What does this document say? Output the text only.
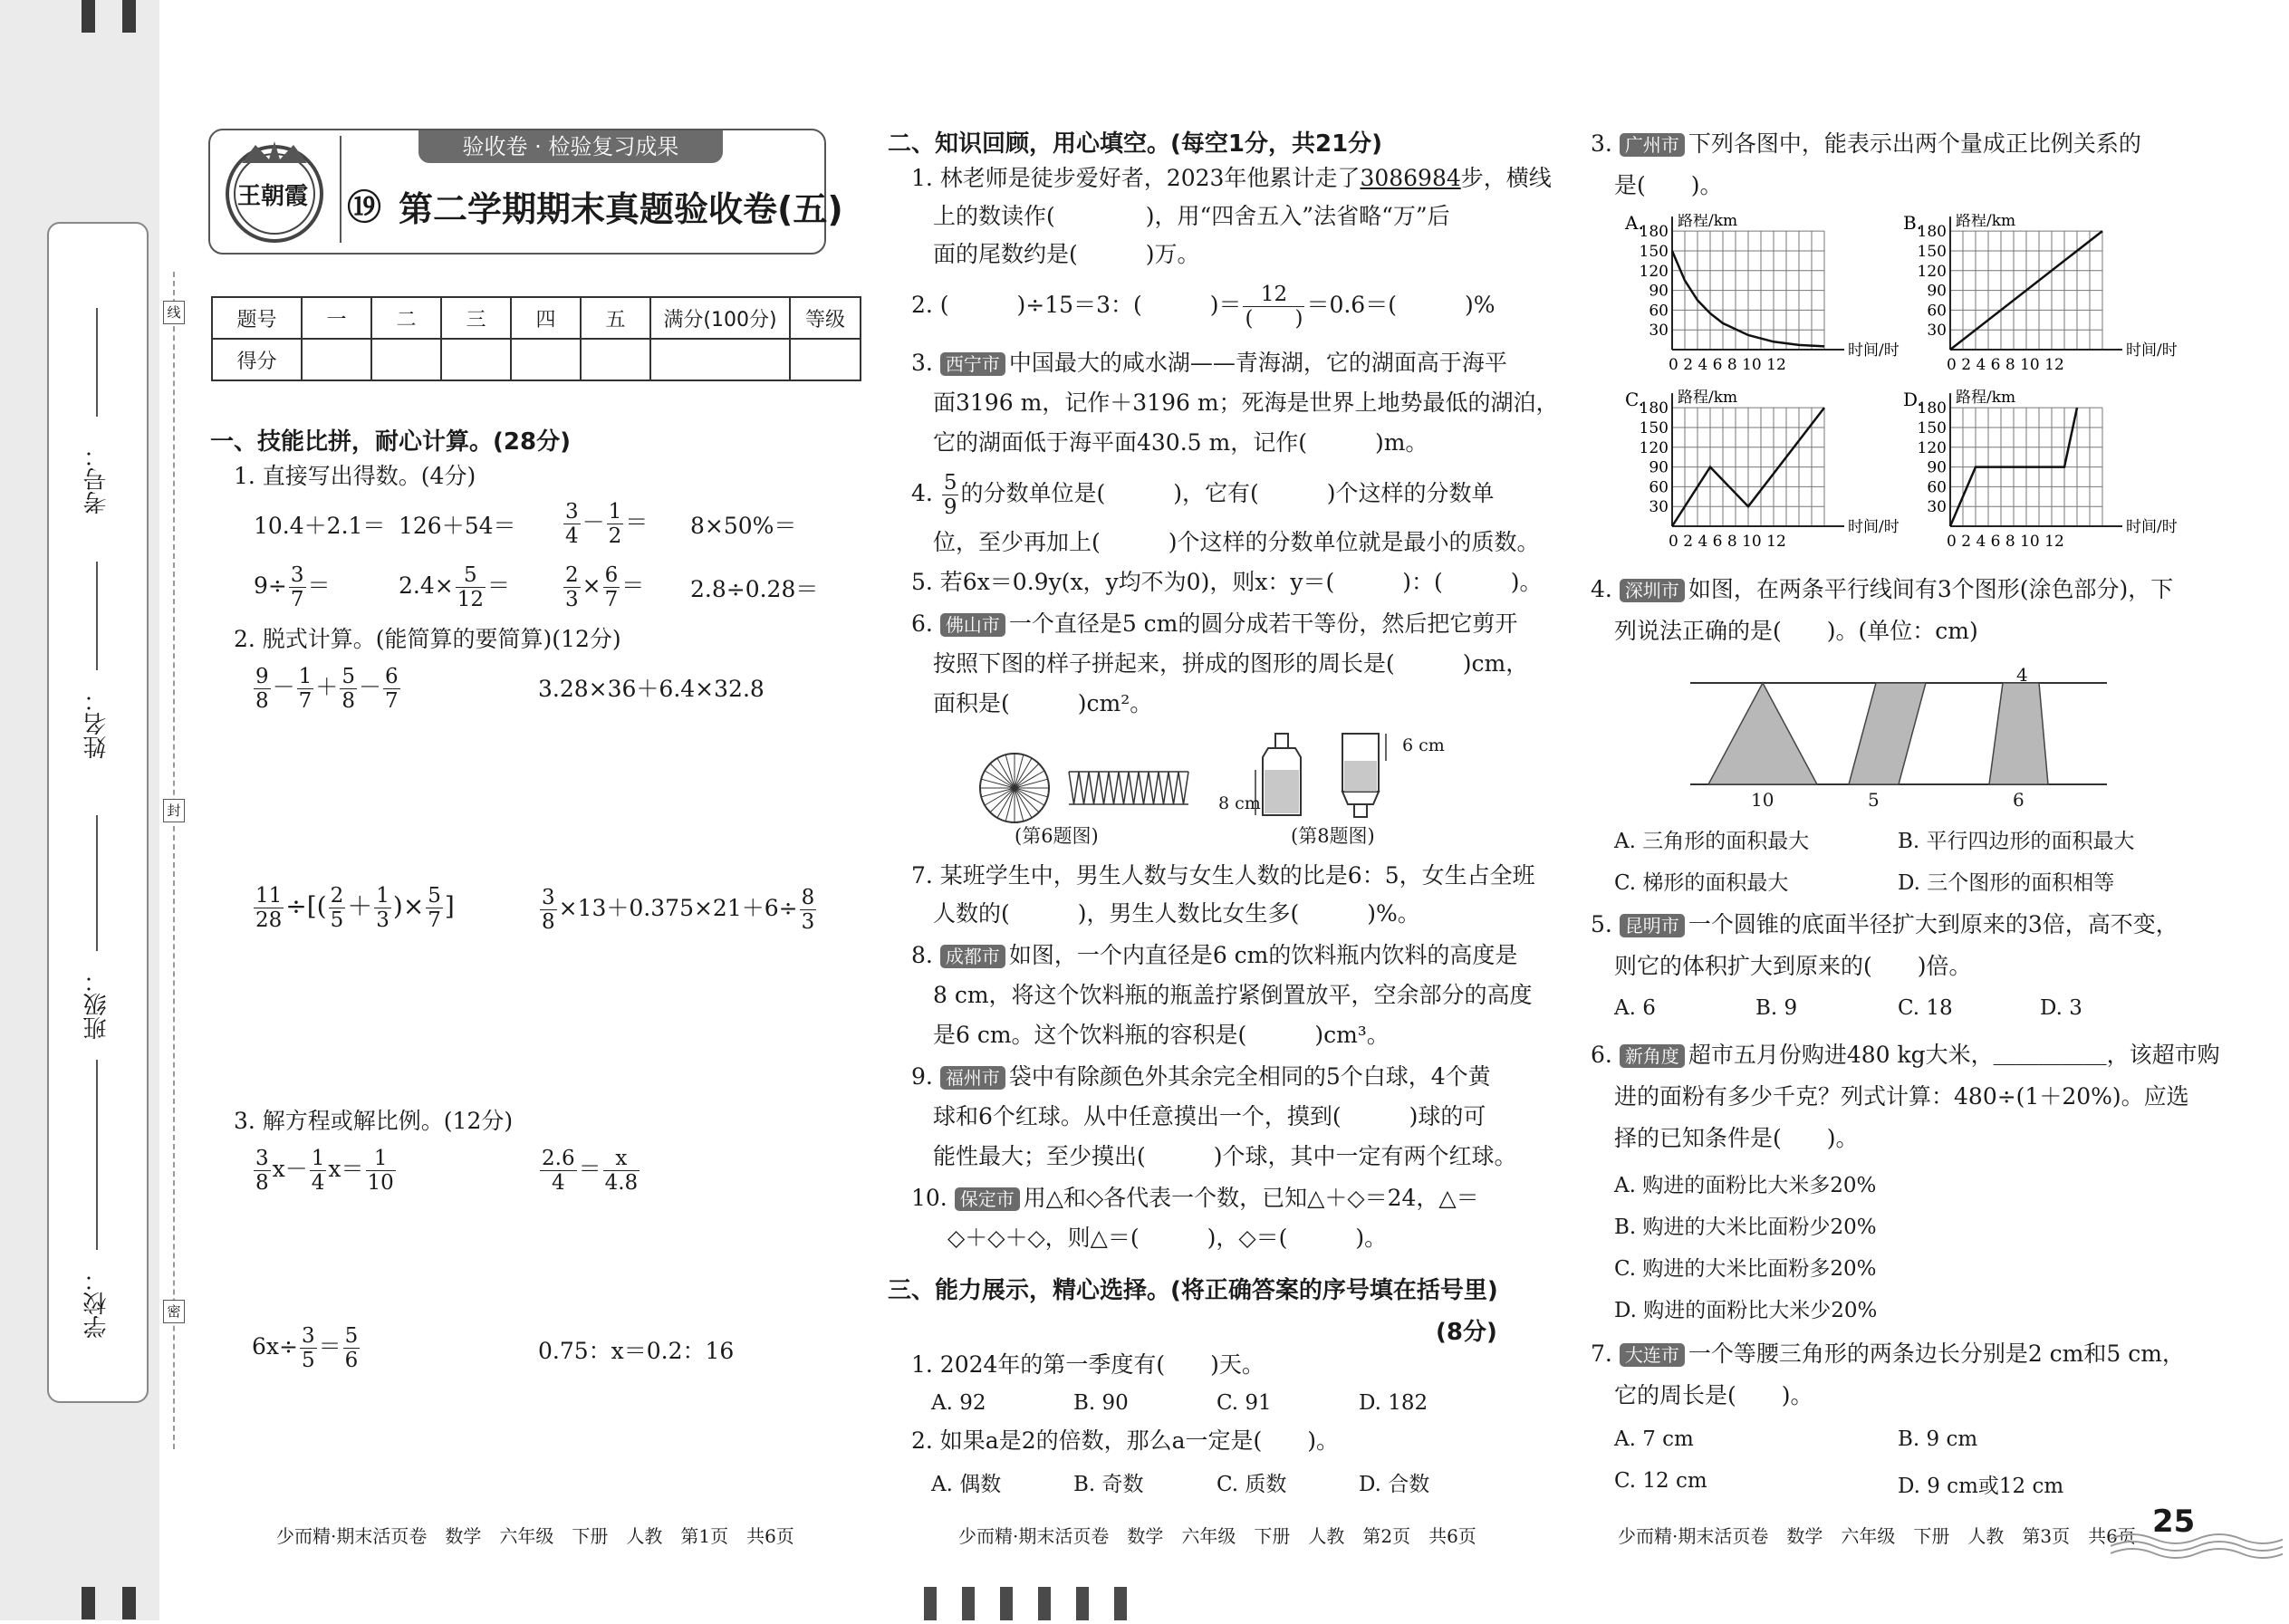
考号：
姓名：
班级：
学校：
线
封
密
验收卷 · 检验复习成果
王朝霞 ⑲ 第二学期期末真题验收卷(五)
题号	一	二	三	四	五	满分(100分)	等级
得分							
一、技能比拼，耐心计算。(28分)
1. 直接写出得数。(4分)
$10.4+2.1= 126+54= \frac{3}{4} - \frac{1}{2} = 8\times 50\%=$
$9\div \frac{3}{7}$ ＝	$2.4\times \frac{5}{12}$ ＝	$\frac{2}{3} \times \frac{6}{7} = 2.8\div 0.28=$
2. 脱式计算。(能简算的要简算)(12分)
$\frac{9}{8} - \frac{1}{7} + \frac{5}{8} - \frac{6}{7}$	3.28×36＋6.4×32.8
$\frac{11}{28}$ ÷[( $\frac{2}{5} + \frac{1}{3}$ )× $\frac{5}{7}$ ]	$\frac{3}{8} \times 13+0.375\times 21+6\div \frac{8}{3}$
3. 解方程或解比例。(12分)
$\frac{3}{8} x- \frac{1}{4} x= \frac{1}{10}$	$\frac{2.6}{4} = \frac{x}{4.8}$
$6x\div \frac{3}{5} = \frac{5}{6}$	0.75：x＝0.2：16
少而精·期末活页卷　数学　六年级　下册　人教　第1页　共6页
二、知识回顾，用心填空。(每空1分，共21分)
1. 林老师是徒步爱好者，2023年他累计走了3086984步，横线
上的数读作(　　　　)，用“四舍五入”法省略“万”后
面的尾数约是(　　　)万。
2. (　　　)÷15＝3：(　　　)＝ $\frac{12}{( )} =0.6=$(　　　)%
3. 西宁市 中国最大的咸水湖——青海湖，它的湖面高于海平
面3196 m，记作＋3196 m；死海是世界上地势最低的湖泊，
它的湖面低于海平面430.5 m，记作(　　　)m。
4. $\frac{5}{9}$ 的分数单位是(　　　)，它有(　　　)个这样的分数单
位，至少再加上(　　　)个这样的分数单位就是最小的质数。
5. 若6x＝0.9y(x，y均不为0)，则x：y＝(　　　)：(　　　)。
6. 佛山市 一个直径是5 cm的圆分成若干等份，然后把它剪开
按照下图的样子拼起来，拼成的图形的周长是(　　　)cm，
面积是(　　　)cm²。
8 cm
6 cm
(第6题图)	(第8题图)
7. 某班学生中，男生人数与女生人数的比是6：5，女生占全班
人数的(　　　)，男生人数比女生多(　　　)%。
8. 成都市 如图，一个内直径是6 cm的饮料瓶内饮料的高度是
8 cm，将这个饮料瓶的瓶盖拧紧倒置放平，空余部分的高度
是6 cm。这个饮料瓶的容积是(　　　)cm³。
9. 福州市 袋中有除颜色外其余完全相同的5个白球，4个黄
球和6个红球。从中任意摸出一个，摸到(　　　)球的可
能性最大；至少摸出(　　　)个球，其中一定有两个红球。
10. 保定市 用△和◇各代表一个数，已知△＋◇＝24，△＝
◇＋◇＋◇，则△＝(　　　)，◇＝(　　　)。
三、能力展示，精心选择。(将正确答案的序号填在括号里)
(8分)
1. 2024年的第一季度有(　　)天。
A. 92	B. 90	C. 91	D. 182
2. 如果a是2的倍数，那么a一定是(　　)。
A. 偶数	B. 奇数	C. 质数	D. 合数
少而精·期末活页卷　数学　六年级　下册　人教　第2页　共6页
3. 广州市 下列各图中，能表示出两个量成正比例关系的
是(　　)。
A. 路程/km
时间/时
180
150
120
90
60
30
0 2 4 6 8 10 12
B. 路程/km
时间/时
180
150
120
90
60
30
0 2 4 6 8 10 12
C. 路程/km
时间/时
180
150
120
90
60
30
0 2 4 6 8 10 12
D. 路程/km
时间/时
180
150
120
90
60
30
0 2 4 6 8 10 12
4. 深圳市 如图，在两条平行线间有3个图形(涂色部分)，下
列说法正确的是(　　)。(单位：cm)
4
10	5	6
A. 三角形的面积最大	B. 平行四边形的面积最大
C. 梯形的面积最大	D. 三个图形的面积相等
5. 昆明市 一个圆锥的底面半径扩大到原来的3倍，高不变，
则它的体积扩大到原来的(　　)倍。
A. 6	B. 9	C. 18	D. 3
6. 新角度 超市五月份购进480 kg大米，＿＿＿＿＿，该超市购
进的面粉有多少千克？列式计算：480÷(1＋20%)。应选
择的已知条件是(　　)。
A. 购进的面粉比大米多20%
B. 购进的大米比面粉少20%
C. 购进的大米比面粉多20%
D. 购进的面粉比大米少20%
7. 大连市 一个等腰三角形的两条边长分别是2 cm和5 cm，
它的周长是(　　)。
A. 7 cm	B. 9 cm
C. 12 cm	D. 9 cm或12 cm
少而精·期末活页卷　数学　六年级　下册　人教　第3页　共6页 25
